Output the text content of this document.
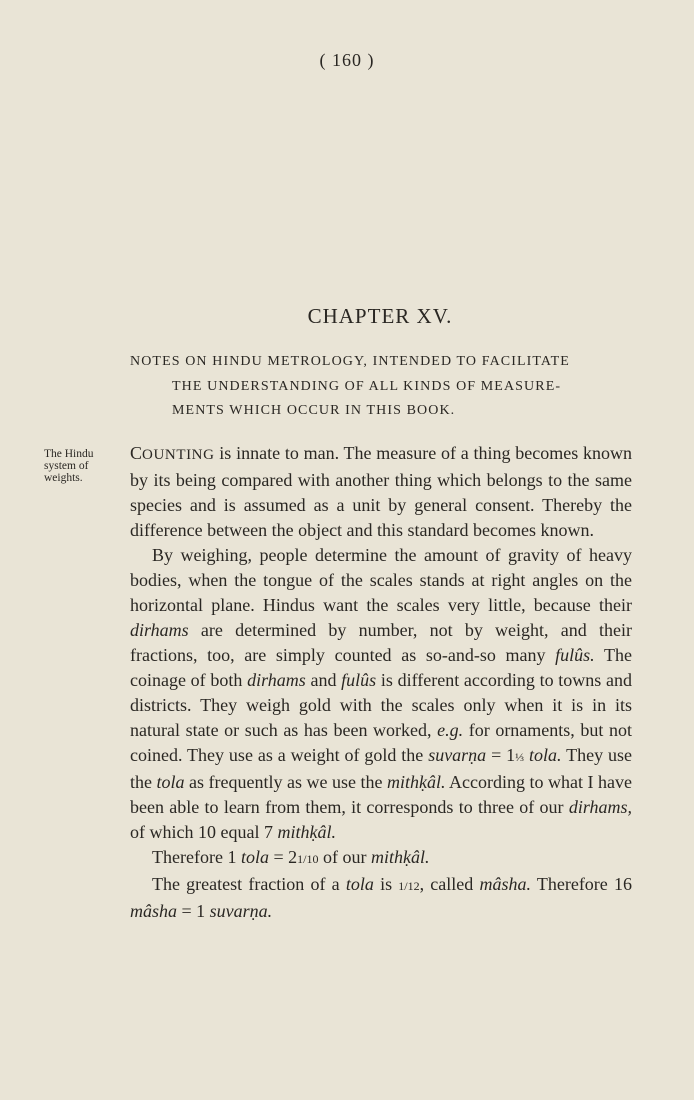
( 160 )
CHAPTER XV.
NOTES ON HINDU METROLOGY, INTENDED TO FACILITATE
THE UNDERSTANDING OF ALL KINDS OF MEASURE-
MENTS WHICH OCCUR IN THIS BOOK.
The Hindu system of weights.

COUNTING is innate to man. The measure of a thing becomes known by its being compared with another thing which belongs to the same species and is assumed as a unit by general consent. Thereby the difference between the object and this standard becomes known.

By weighing, people determine the amount of gravity of heavy bodies, when the tongue of the scales stands at right angles on the horizontal plane. Hindus want the scales very little, because their dirhams are determined by number, not by weight, and their fractions, too, are simply counted as so-and-so many fulûs. The coinage of both dirhams and fulûs is different according to towns and districts. They weigh gold with the scales only when it is in its natural state or such as has been worked, e.g. for ornaments, but not coined. They use as a weight of gold the suvarṇa = 1⅓ tola. They use the tola as frequently as we use the mithḳâl. According to what I have been able to learn from them, it corresponds to three of our dirhams, of which 10 equal 7 mithḳâl.

Therefore 1 tola = 21/10 of our mithḳâl.

The greatest fraction of a tola is 1/12, called mâsha. Therefore 16 mâsha = 1 suvarṇa.
